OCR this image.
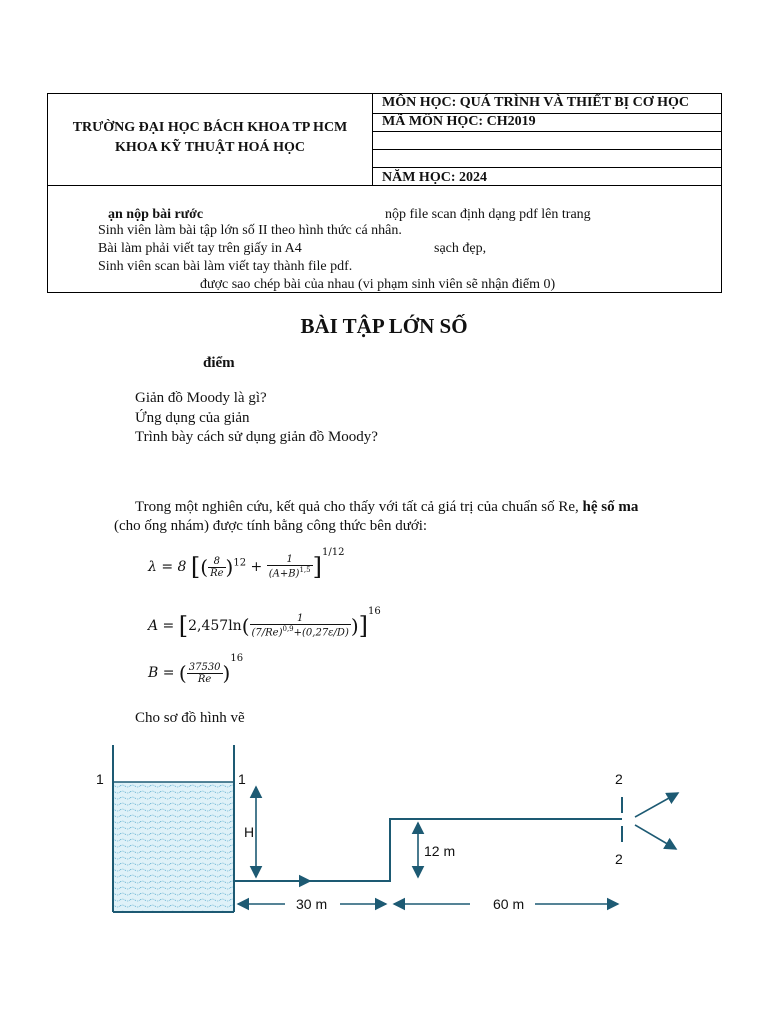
TRƯỜNG ĐẠI HỌC BÁCH KHOA TP HCM
KHOA KỸ THUẬT HOÁ HỌC
MÔN HỌC: QUÁ TRÌNH VÀ THIẾT BỊ CƠ HỌC
MÃ MÔN HỌC: CH2019
NĂM HỌC: 2024
ạn nộp bài rước	nộp file scan định dạng pdf lên trang
Sinh viên làm bài tập lớn số II theo hình thức cá nhân.
Bài làm phải viết tay trên giấy in A4	sạch đẹp,
Sinh viên scan bài làm viết tay thành file pdf.
được sao chép bài của nhau (vi phạm sinh viên sẽ nhận điểm 0)
BÀI TẬP LỚN SỐ
điểm
Giản đồ Moody là gì?
Ứng dụng của giản
Trình bày cách sử dụng giản đồ Moody?
Trong một nghiên cứu, kết quả cho thấy với tất cả giá trị của chuẩn số Re, hệ số ma
(cho ống nhám) được tính bằng công thức bên dưới:
λ = 8 [( $\frac{8}{Re} )^{12} + \frac{1}{(A+B)^{1,5}} ]^{1/12}$
$A = [2,457\ln( \frac{1}{(7/Re)^{0,9}+(0,27\varepsilon/D)} )]^{16}$
B = ( $\frac{37530}{Re} )^{16}$
Cho sơ đồ hình vẽ
1	1
H
12 m
30 m	60 m
2
2
